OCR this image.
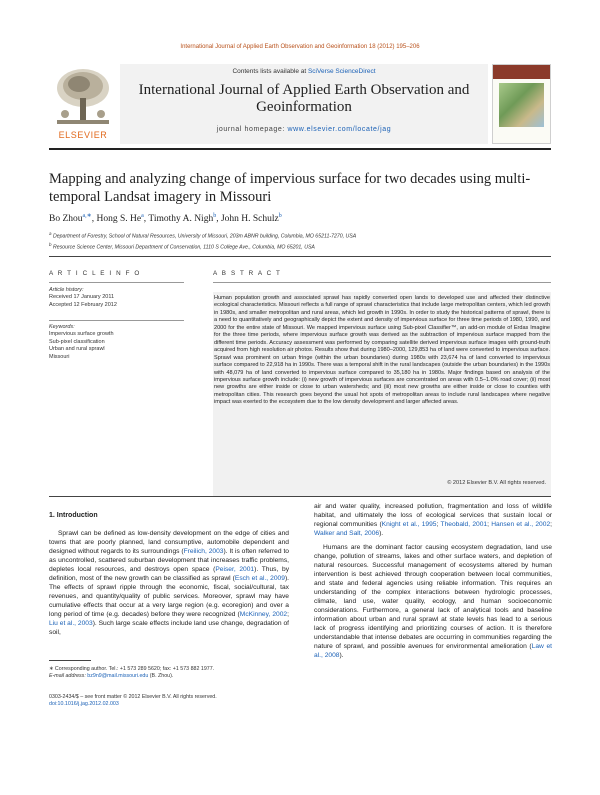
International Journal of Applied Earth Observation and Geoinformation 18 (2012) 195–206
ELSEVIER
Contents lists available at SciVerse ScienceDirect
International Journal of Applied Earth Observation and Geoinformation
journal homepage: www.elsevier.com/locate/jag
Mapping and analyzing change of impervious surface for two decades using multi-temporal Landsat imagery in Missouri
Bo Zhou$^{a,∗}$, Hong S. He$^a$, Timothy A. Nigh$^b$, John H. Schulz$^b$
$^a$ Department of Forestry, School of Natural Resources, University of Missouri, 203m ABNR building, Columbia, MO 65211-7270, USA
$^b$ Resource Science Center, Missouri Department of Conservation, 1110 S College Ave., Columbia, MO 65201, USA
A R T I C L E I N F O
Article history:
Received 17 January 2011
Accepted 12 February 2012
Keywords:
Impervious surface growth
Sub-pixel classification
Urban and rural sprawl
Missouri
A B S T R A C T
Human population growth and associated sprawl has rapidly converted open lands to developed use and affected their distinctive ecological characteristics. Missouri reflects a full range of sprawl characteristics that include large metropolitan centers, which led growth in 1980s, and smaller metropolitan and rural areas, which led growth in 1990s. In order to study the historical patterns of sprawl, there is a need to quantitatively and geographically depict the extent and density of impervious surface for three time periods of 1980, 1990, and 2000 for the entire state of Missouri. We mapped impervious surface using Sub-pixel Classifier™, an add-on module of Erdas Imagine for the three time periods, where impervious surface growth was derived as the subtraction of impervious surface mapped from the different time periods. Accuracy assessment was performed by comparing satellite derived impervious surface images with ground-truth acquired from high resolution air photos. Results show that during 1980–2000, 129,853 ha of land were converted to impervious surface. Sprawl was prominent on urban fringe (within the urban boundaries) during 1980s with 23,674 ha of land converted to impervious surface compared to 22,918 ha in 1990s. There was a temporal shift in the rural landscapes (outside the urban boundaries) in the 1990s with 48,079 ha of land converted to impervious surface compared to 35,180 ha in 1980s. Major findings based on analysis of the impervious surface growth include: (i) new growth of impervious surfaces are concentrated on areas with 0.5–1.0% road cover; (ii) most new growths are either inside or close to urban watersheds; and (iii) most new growths are either inside or close to counties with metropolitan cities. This research goes beyond the usual hot spots of metropolitan areas to include rural landscapes where negative impact was exerted to the ecosystem due to the low density development and larger affected areas.
© 2012 Elsevier B.V. All rights reserved.
1. Introduction

Sprawl can be defined as low-density development on the edge of cities and towns that are poorly planned, land consumptive, automobile dependent and designed without regards to its surroundings (Freilich, 2003). It is often referred to as uncontrolled, scattered suburban development that increases traffic problems, depletes local resources, and destroys open space (Peiser, 2001). Thus, by definition, most of the new growth can be classified as sprawl (Esch et al., 2009). The effects of sprawl ripple through the economic, fiscal, social/cultural, tax revenues, and quantity/quality of public services. Moreover, sprawl may have cumulative effects that occur at a very large region (e.g. ecoregion) and over a long period of time (e.g. decades) before they were recognized (McKinney, 2002; Liu et al., 2003). Such large scale effects include land use change, degradation of soil,

air and water quality, increased pollution, fragmentation and loss of wildlife habitat, and ultimately the loss of ecological services that sustain local or regional communities (Knight et al., 1995; Theobald, 2001; Hansen et al., 2002; Walker and Salt, 2006).

Humans are the dominant factor causing ecosystem degradation, land use change, pollution of streams, lakes and other surface waters, and depletion of natural resources. Successful management of ecosystems altered by human intervention is best achieved through cooperation between local communities, and state and federal agencies using reliable information. This requires an understanding of the complex interactions between hydrologic processes, climate, land use, water quality, ecology, and human socioeconomic considerations. Furthermore, a general lack of analytical tools and baseline information about urban and rural sprawl at state levels has lead to a serious lack of progress identifying and prioritizing courses of action. It is therefore understandable that intense debates are occurring in communities regarding the nature of sprawl, and possible avenues for environmental amelioration (Law et al., 2008).

∗ Corresponding author. Tel.: +1 573 289 5620; fax: +1 573 882 1977.
E-mail address: bz9n9@mail.missouri.edu (B. Zhou).
0303-2434/$ – see front matter © 2012 Elsevier B.V. All rights reserved.
doi:10.1016/j.jag.2012.02.003
